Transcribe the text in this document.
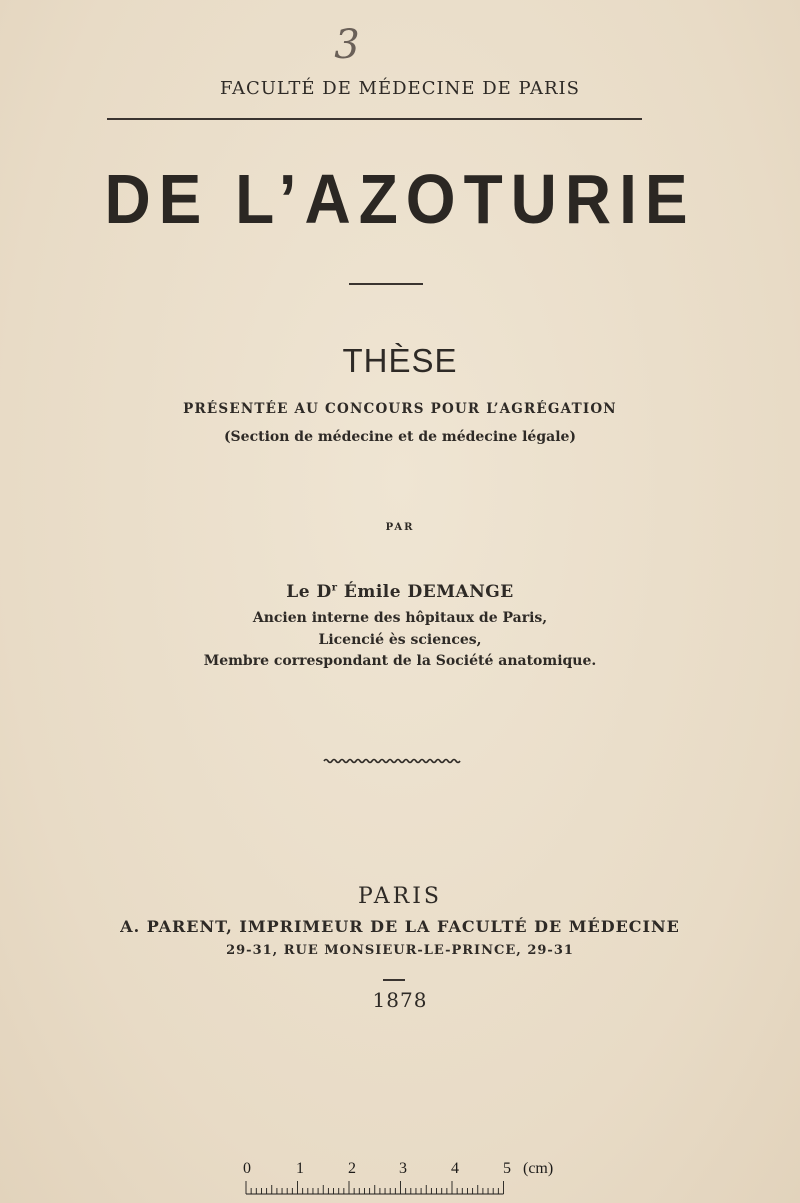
3
FACULTÉ DE MÉDECINE DE PARIS
DE L’AZOTURIE
THÈSE
PRÉSENTÉE AU CONCOURS POUR L’AGRÉGATION
(Section de médecine et de médecine légale)
PAR
Le $D^r$ Émile DEMANGE
Ancien interne des hôpitaux de Paris,
Licencié ès sciences,
Membre correspondant de la Société anatomique.
PARIS
A. PARENT, IMPRIMEUR DE LA FACULTÉ DE MÉDECINE
29-31, RUE MONSIEUR-LE-PRINCE, 29-31
1878
0	1	2	3	4	5 (cm)
